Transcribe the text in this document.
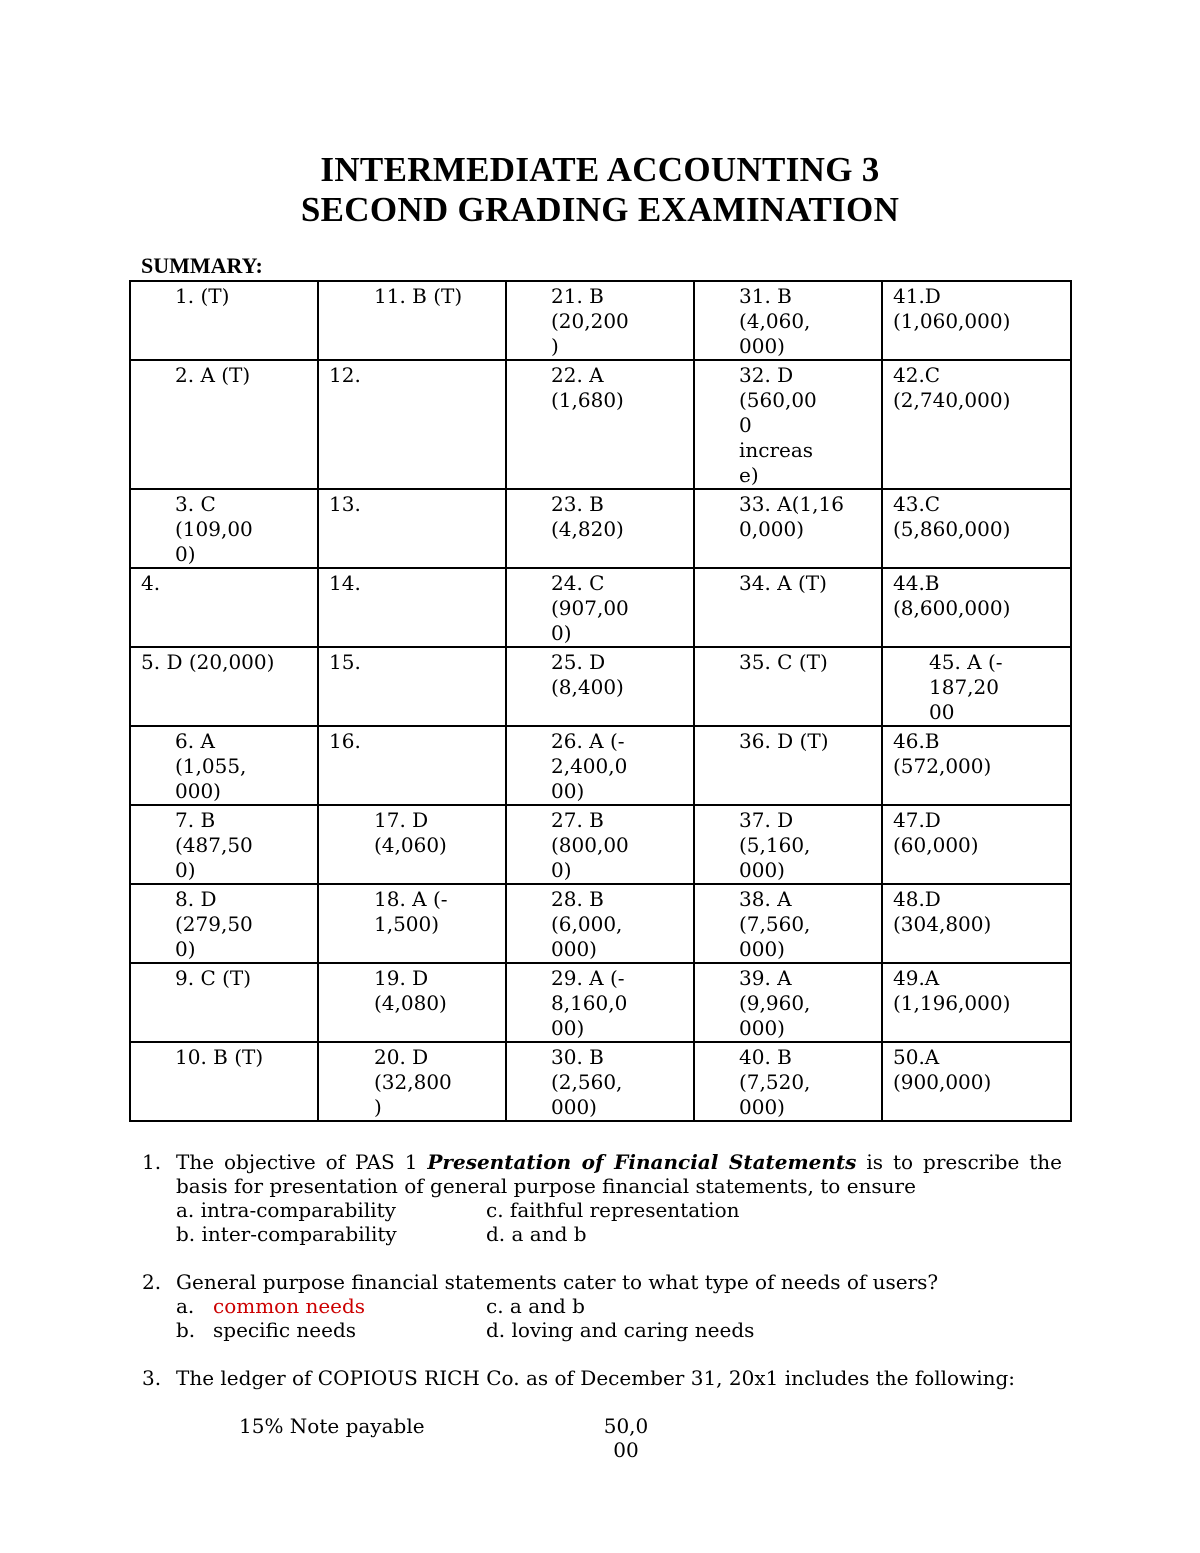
INTERMEDIATE ACCOUNTING 3
SECOND GRADING EXAMINATION
SUMMARY:
1. (T)	11. B (T)	21. B
(20,200
)	31. B
(4,060,
000)	41.D
(1,060,000)
2. A (T)	12.	22. A
(1,680)	32. D
(560,00
0
increas
e)	42.C
(2,740,000)
3. C
(109,00
0)	13.	23. B
(4,820)	33. A(1,16
0,000)	43.C
(5,860,000)
4.	14.	24. C
(907,00
0)	34. A (T)	44.B
(8,600,000)
5. D (20,000)	15.	25. D
(8,400)	35. C (T)	45. A (-
187,20
00
6. A
(1,055,
000)	16.	26. A (-
2,400,0
00)	36. D (T)	46.B
(572,000)
7. B
(487,50
0)	17. D
(4,060)	27. B
(800,00
0)	37. D
(5,160,
000)	47.D
(60,000)
8. D
(279,50
0)	18. A (-
1,500)	28. B
(6,000,
000)	38. A
(7,560,
000)	48.D
(304,800)
9. C (T)	19. D
(4,080)	29. A (-
8,160,0
00)	39. A
(9,960,
000)	49.A
(1,196,000)
10. B (T)	20. D
(32,800
)	30. B
(2,560,
000)	40. B
(7,520,
000)	50.A
(900,000)
1. The objective of PAS 1 Presentation of Financial Statements is to prescribe the basis for presentation of general purpose financial statements, to ensure
a. intra-comparability	c. faithful representation
b. inter-comparability	d. a and b
2. General purpose financial statements cater to what type of needs of users?
a. common needs	c. a and b
b. specific needs	d. loving and caring needs
3. The ledger of COPIOUS RICH Co. as of December 31, 20x1 includes the following:
15% Note payable	50,0
00
